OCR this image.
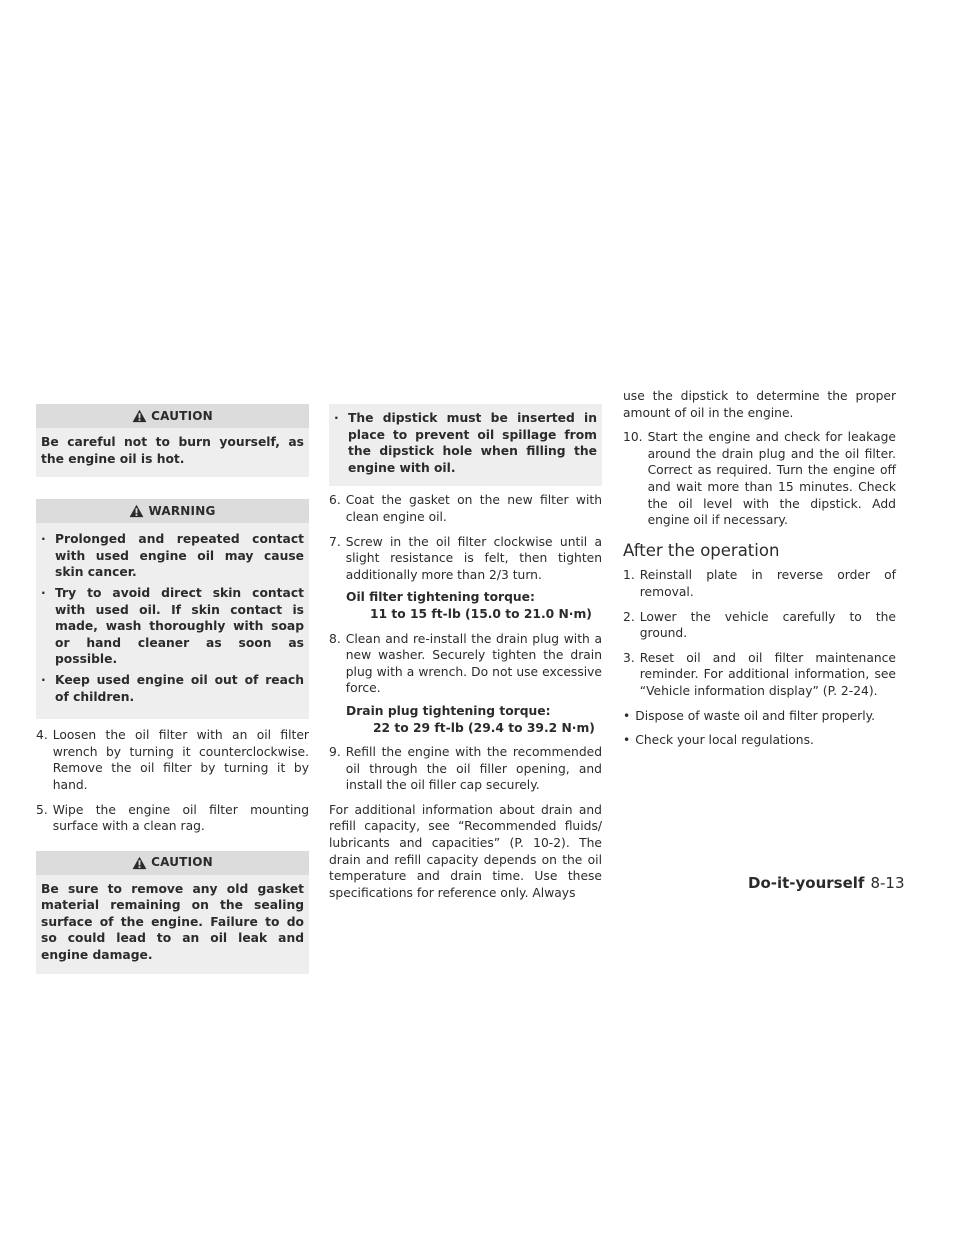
CAUTION
Be careful not to burn yourself, as the engine oil is hot.
WARNING
· Prolonged and repeated contact with used engine oil may cause skin cancer.
· Try to avoid direct skin contact with used oil. If skin contact is made, wash thoroughly with soap or hand cleaner as soon as possible.
· Keep used engine oil out of reach of children.
4. Loosen the oil filter with an oil filter wrench by turning it counterclockwise. Remove the oil filter by turning it by hand.
5. Wipe the engine oil filter mounting surface with a clean rag.
CAUTION
Be sure to remove any old gasket material remaining on the sealing surface of the engine. Failure to do so could lead to an oil leak and engine damage.
· The dipstick must be inserted in place to prevent oil spillage from the dipstick hole when filling the engine with oil.
6. Coat the gasket on the new filter with clean engine oil.
7. Screw in the oil filter clockwise until a slight resistance is felt, then tighten additionally more than 2/3 turn.
Oil filter tightening torque:
11 to 15 ft-lb (15.0 to 21.0 N·m)
8. Clean and re-install the drain plug with a new washer. Securely tighten the drain plug with a wrench. Do not use excessive force.
Drain plug tightening torque:
22 to 29 ft-lb (29.4 to 39.2 N·m)
9. Refill the engine with the recommended oil through the oil filler opening, and install the oil filler cap securely.

For additional information about drain and refill capacity, see “Recommended fluids/ lubricants and capacities” (P. 10-2). The drain and refill capacity depends on the oil temperature and drain time. Use these specifications for reference only. Always

use the dipstick to determine the proper amount of oil in the engine.

10. Start the engine and check for leakage around the drain plug and the oil filter. Correct as required. Turn the engine off and wait more than 15 minutes. Check the oil level with the dipstick. Add engine oil if necessary.
After the operation
1. Reinstall plate in reverse order of removal.
2. Lower the vehicle carefully to the ground.
3. Reset oil and oil filter maintenance reminder. For additional information, see “Vehicle information display” (P. 2-24).
• Dispose of waste oil and filter properly.
• Check your local regulations.
Do-it-yourself 8-13
